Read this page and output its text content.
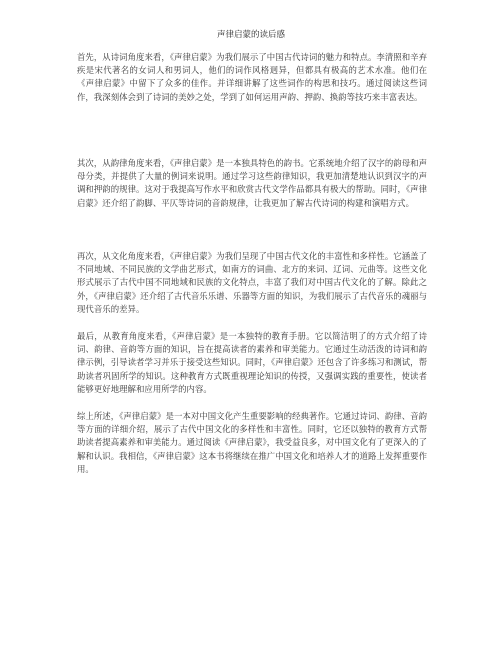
声律启蒙的读后感

首先，从诗词角度来看，《声律启蒙》为我们展示了中国古代诗词的魅力和特点。李清照和辛弃疾是宋代著名的女词人和男词人，他们的词作风格迥异，但都具有极高的艺术水准。他们在《声律启蒙》中留下了众多的佳作。并详细讲解了这些词作的构思和技巧。通过阅读这些词作，我深刻体会到了诗词的美妙之处，学到了如何运用声韵、押韵、换韵等技巧来丰富表达。

其次，从韵律角度来看，《声律启蒙》是一本独具特色的韵书。它系统地介绍了汉字的韵母和声母分类，并提供了大量的例词来说明。通过学习这些韵律知识，我更加清楚地认识到汉字的声调和押韵的规律。这对于我提高写作水平和欣赏古代文学作品都具有极大的帮助。同时，《声律启蒙》还介绍了韵脚、平仄等诗词的音韵规律，让我更加了解古代诗词的构建和演唱方式。

再次，从文化角度来看，《声律启蒙》为我们呈现了中国古代文化的丰富性和多样性。它涵盖了不同地域、不同民族的文学曲艺形式，如南方的词曲、北方的来词、辽词、元曲等。这些文化形式展示了古代中国不同地域和民族的文化特点，丰富了我们对中国古代文化的了解。除此之外，《声律启蒙》还介绍了古代音乐乐谱、乐器等方面的知识，为我们展示了古代音乐的魂丽与现代音乐的差异。

最后，从教育角度来看，《声律启蒙》是一本独特的教育手册。它以简洁明了的方式介绍了诗词、韵律、音韵等方面的知识，旨在提高读者的素养和审美能力。它通过生动活泼的诗词和韵律示例，引导读者学习并乐于接受这些知识。同时，《声律启蒙》还包含了许多练习和测试，帮助读者巩固所学的知识。这种教育方式既重视理论知识的传授，又强调实践的重要性，使读者能够更好地理解和应用所学的内容。

综上所述，《声律启蒙》是一本对中国文化产生重要影响的经典著作。它通过诗词、韵律、音韵等方面的详细介绍，展示了古代中国文化的多样性和丰富性。同时，它还以独特的教育方式帮助读者提高素养和审美能力。通过阅读《声律启蒙》，我受益良多，对中国文化有了更深入的了解和认识。我相信，《声律启蒙》这本书将继续在推广中国文化和培养人才的道路上发挥重要作用。
